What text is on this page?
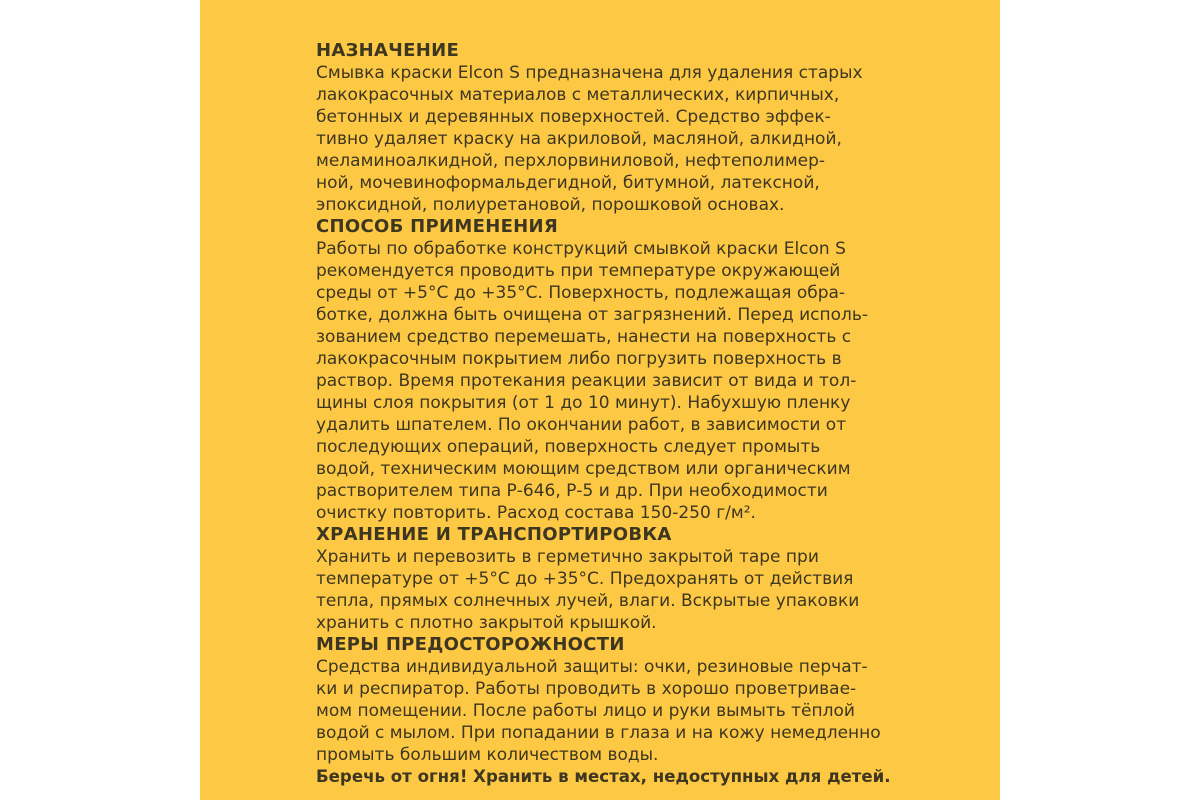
НАЗНАЧЕНИЕ
Смывка краски Elcon S предназначена для удаления старых
лакокрасочных материалов с металлических, кирпичных,
бетонных и деревянных поверхностей. Средство эффек-
тивно удаляет краску на акриловой, масляной, алкидной,
меламиноалкидной, перхлорвиниловой, нефтеполимер-
ной, мочевиноформальдегидной, битумной, латексной,
эпоксидной, полиуретановой, порошковой основах.
СПОСОБ ПРИМЕНЕНИЯ
Работы по обработке конструкций смывкой краски Elcon S
рекомендуется проводить при температуре окружающей
среды от +5°С до +35°С. Поверхность, подлежащая обра-
ботке, должна быть очищена от загрязнений. Перед исполь-
зованием средство перемешать, нанести на поверхность с
лакокрасочным покрытием либо погрузить поверхность в
раствор. Время протекания реакции зависит от вида и тол-
щины слоя покрытия (от 1 до 10 минут). Набухшую пленку
удалить шпателем. По окончании работ, в зависимости от
последующих операций, поверхность следует промыть
водой, техническим моющим средством или органическим
растворителем типа Р-646, Р-5 и др. При необходимости
очистку повторить. Расход состава 150-250 г/м².
ХРАНЕНИЕ И ТРАНСПОРТИРОВКА
Хранить и перевозить в герметично закрытой таре при
температуре от +5°С до +35°С. Предохранять от действия
тепла, прямых солнечных лучей, влаги. Вскрытые упаковки
хранить с плотно закрытой крышкой.
МЕРЫ ПРЕДОСТОРОЖНОСТИ
Средства индивидуальной защиты: очки, резиновые перчат-
ки и респиратор. Работы проводить в хорошо проветривае-
мом помещении. После работы лицо и руки вымыть тёплой
водой с мылом. При попадании в глаза и на кожу немедленно
промыть большим количеством воды.
Беречь от огня! Хранить в местах, недоступных для детей.
